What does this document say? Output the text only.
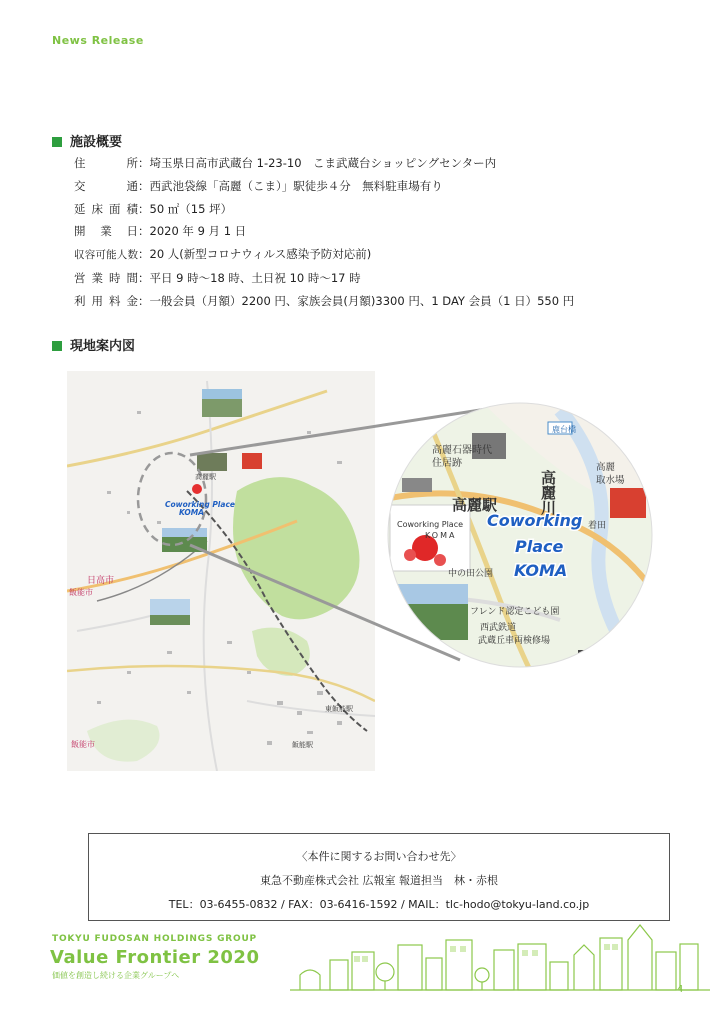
News Release
施設概要
住　　所：埼玉県日高市武蔵台 1-23-10　こま武蔵台ショッピングセンター内
交　　通：西武池袋線「高麗（こま）」駅徒歩４分　無料駐車場有り
延床面積：50 ㎡（15 坪）
開　業　日：2020 年 9 月 1 日
収容可能人数：20 人(新型コロナウィルス感染予防対応前)
営業時間：平日 9 時～18 時、土日祝 10 時～17 時
利用料金：一般会員（月額）2200 円、家族会員(月額)3300 円、1 DAY 会員（1 日）550 円
現地案内図
Coworking Place
KOMA
高麗駅
日高市
飯能市
飯能市
東飯能駅
飯能駅
鹿台橋
高麗川
高麗石器時代
住居跡
高麗駅
高麗
取水場
Coworking Place
KOMA
Coworking
Place
KOMA
着田
中の田公園
フレンド認定こども園
西武鉄道
武蔵丘車両検修場
〈本件に関するお問い合わせ先〉
東急不動産株式会社 広報室 報道担当　林・赤根
TEL：03-6455-0832 / FAX：03-6416-1592 / MAIL：tlc-hodo@tokyu-land.co.jp
TOKYU FUDOSAN HOLDINGS GROUP
Value Frontier 2020
価値を創造し続ける企業グループへ
4
